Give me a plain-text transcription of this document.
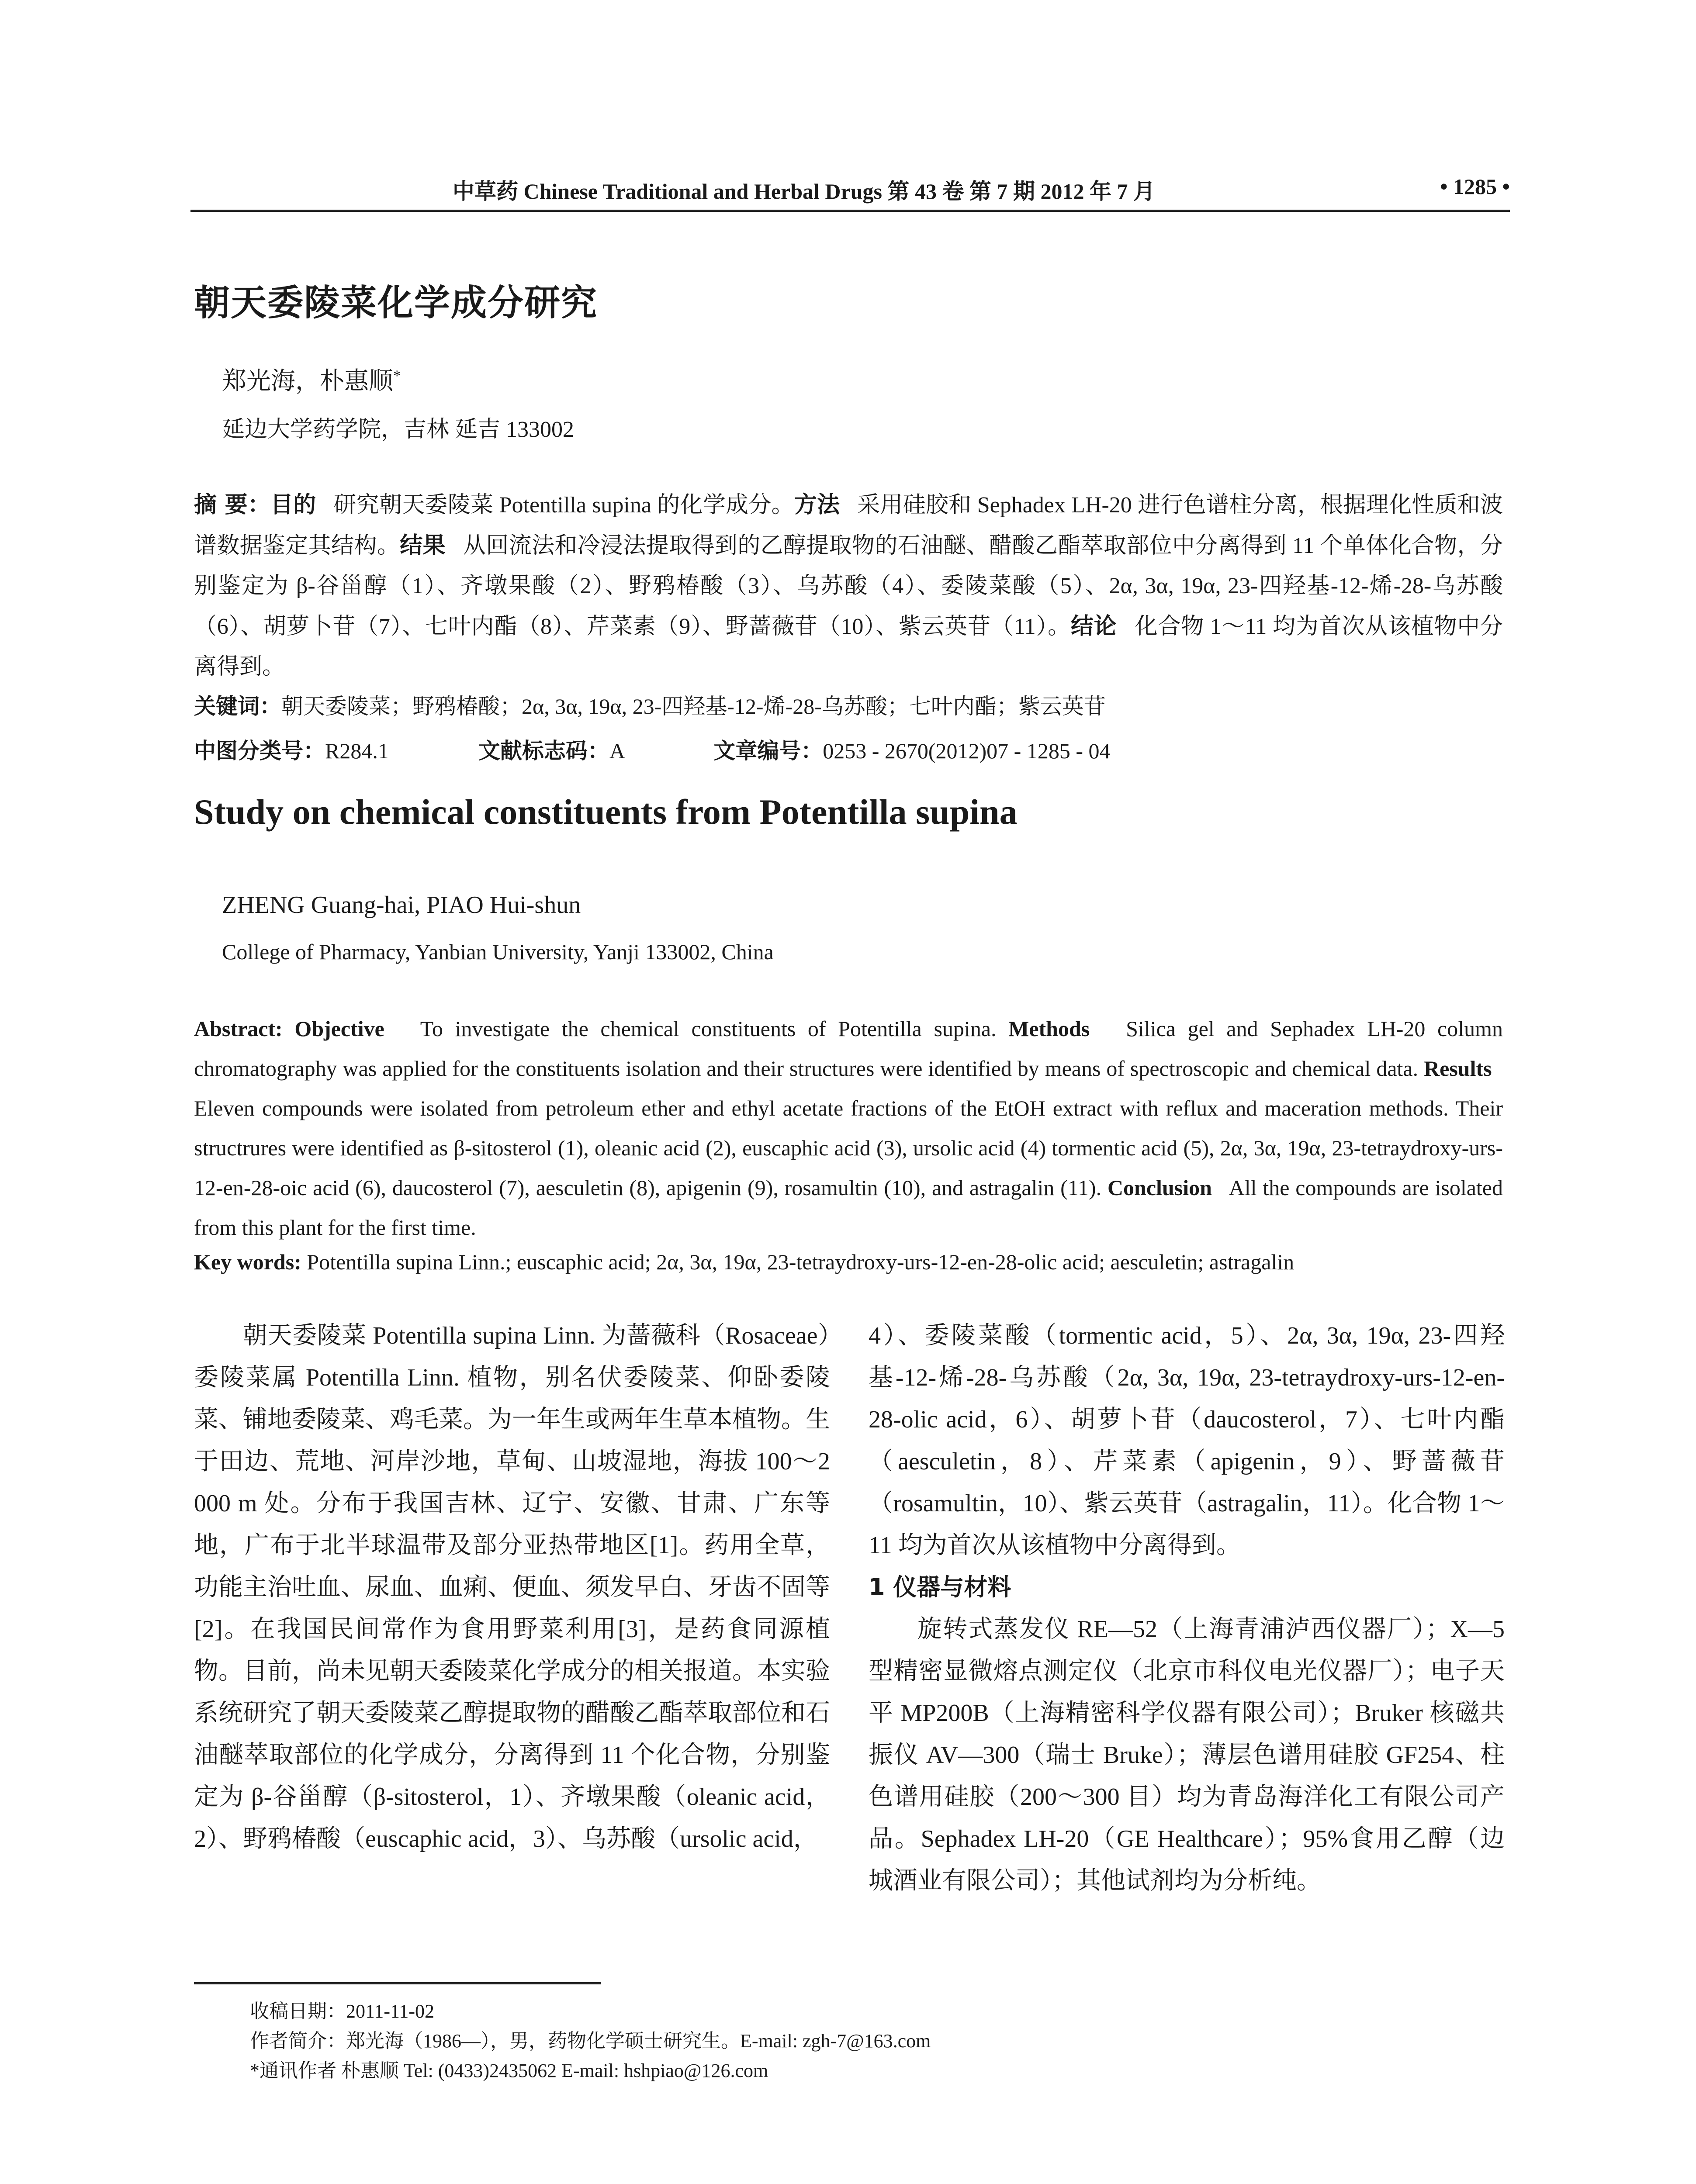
中草药 Chinese Traditional and Herbal Drugs 第 43 卷 第 7 期 2012 年 7 月	• 1285 •
朝天委陵菜化学成分研究
郑光海，朴惠顺*
延边大学药学院，吉林 延吉 133002
摘 要：目的 研究朝天委陵菜 Potentilla supina 的化学成分。方法 采用硅胶和 Sephadex LH-20 进行色谱柱分离，根据理化性质和波谱数据鉴定其结构。结果 从回流法和冷浸法提取得到的乙醇提取物的石油醚、醋酸乙酯萃取部位中分离得到 11 个单体化合物，分别鉴定为 β-谷甾醇（1）、齐墩果酸（2）、野鸦椿酸（3）、乌苏酸（4）、委陵菜酸（5）、2α, 3α, 19α, 23-四羟基-12-烯-28-乌苏酸（6）、胡萝卜苷（7）、七叶内酯（8）、芹菜素（9）、野蔷薇苷（10）、紫云英苷（11）。结论 化合物 1～11 均为首次从该植物中分离得到。
关键词：朝天委陵菜；野鸦椿酸；2α, 3α, 19α, 23-四羟基-12-烯-28-乌苏酸；七叶内酯；紫云英苷
中图分类号：R284.1	文献标志码：A	文章编号：0253 - 2670(2012)07 - 1285 - 04
Study on chemical constituents from Potentilla supina
ZHENG Guang-hai, PIAO Hui-shun
College of Pharmacy, Yanbian University, Yanji 133002, China
Abstract: Objective To investigate the chemical constituents of Potentilla supina. Methods Silica gel and Sephadex LH-20 column chromatography was applied for the constituents isolation and their structures were identified by means of spectroscopic and chemical data. Results   Eleven compounds were isolated from petroleum ether and ethyl acetate fractions of the EtOH extract with reflux and maceration methods. Their structrures were identified as β-sitosterol (1), oleanic acid (2), euscaphic acid (3), ursolic acid (4) tormentic acid (5), 2α, 3α, 19α, 23-tetraydroxy-urs-12-en-28-oic acid (6), daucosterol (7), aesculetin (8), apigenin (9), rosamultin (10), and astragalin (11). Conclusion All the compounds are isolated from this plant for the first time.
Key words: Potentilla supina Linn.; euscaphic acid; 2α, 3α, 19α, 23-tetraydroxy-urs-12-en-28-olic acid; aesculetin; astragalin
朝天委陵菜 Potentilla supina Linn. 为蔷薇科（Rosaceae）委陵菜属 Potentilla Linn. 植物，别名伏委陵菜、仰卧委陵菜、铺地委陵菜、鸡毛菜。为一年生或两年生草本植物。生于田边、荒地、河岸沙地，草甸、山坡湿地，海拔 100～2 000 m 处。分布于我国吉林、辽宁、安徽、甘肃、广东等地，广布于北半球温带及部分亚热带地区[1]。药用全草，功能主治吐血、尿血、血痢、便血、须发早白、牙齿不固等[2]。在我国民间常作为食用野菜利用[3]，是药食同源植物。目前，尚未见朝天委陵菜化学成分的相关报道。本实验系统研究了朝天委陵菜乙醇提取物的醋酸乙酯萃取部位和石油醚萃取部位的化学成分，分离得到 11 个化合物，分别鉴定为 β-谷甾醇（β-sitosterol，1）、齐墩果酸（oleanic acid，2）、野鸦椿酸（euscaphic acid，3）、乌苏酸（ursolic acid，
4）、委陵菜酸（tormentic acid，5）、2α, 3α, 19α, 23-四羟基-12-烯-28-乌苏酸（2α, 3α, 19α, 23-tetraydroxy-urs-12-en-28-olic acid，6）、胡萝卜苷（daucosterol，7）、七叶内酯（aesculetin，8）、芹菜素（apigenin，9）、野蔷薇苷（rosamultin，10）、紫云英苷（astragalin，11）。化合物 1～11 均为首次从该植物中分离得到。
1 仪器与材料
旋转式蒸发仪 RE—52（上海青浦泸西仪器厂）；X—5 型精密显微熔点测定仪（北京市科仪电光仪器厂）；电子天平 MP200B（上海精密科学仪器有限公司）；Bruker 核磁共振仪 AV—300（瑞士 Bruke）；薄层色谱用硅胶 GF254、柱色谱用硅胶（200～300 目）均为青岛海洋化工有限公司产品。Sephadex LH-20（GE Healthcare）；95%食用乙醇（边城酒业有限公司）；其他试剂均为分析纯。
收稿日期：2011-11-02
作者简介：郑光海（1986—），男，药物化学硕士研究生。E-mail: zgh-7@163.com
*通讯作者 朴惠顺 Tel: (0433)2435062 E-mail: hshpiao@126.com
